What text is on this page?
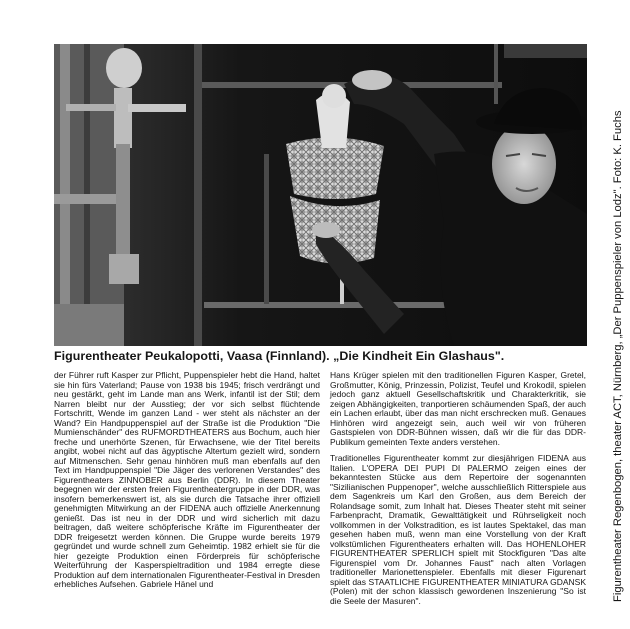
Figurentheater Peukalopotti, Vaasa (Finnland). „Die Kindheit Ein Glashaus".

der Führer ruft Kasper zur Pflicht, Puppenspieler hebt die Hand, haltet sie hin fürs Vaterland; Pause von 1938 bis 1945; frisch verdrängt und neu gestärkt, geht im Lande man ans Werk, infantil ist der Stil; dem Narren bleibt nur der Ausstieg; der vor sich selbst flüchtende Fortschritt, Wende im ganzen Land - wer steht als nächster an der Wand? Ein Handpuppenspiel auf der Straße ist die Produktion "Die Mumienschänder" des RUFMORDTHEATERS aus Bochum, auch hier freche und unerhörte Szenen, für Erwachsene, wie der Titel bereits angibt, wobei nicht auf das ägyptische Altertum gezielt wird, sondern auf Mitmenschen. Sehr genau hinhören muß man ebenfalls auf den Text im Handpuppenspiel "Die Jäger des verlorenen Verstandes" des Figurentheaters ZINNOBER aus Berlin (DDR). In diesem Theater begegnen wir der ersten freien Figurentheatergruppe in der DDR, was insofern bemerkenswert ist, als sie durch die Tatsache ihrer offiziell genehmigten Mitwirkung an der FIDENA auch offizielle Anerkennung genießt. Das ist neu in der DDR und wird sicherlich mit dazu beitragen, daß weitere schöpferische Kräfte im Figurentheater der DDR freigesetzt werden können. Die Gruppe wurde bereits 1979 gegründet und wurde schnell zum Geheimtip. 1982 erhielt sie für die hier gezeigte Produktion einen Förderpreis für schöpferische Weiterführung der Kasperspieltradition und 1984 erregte diese Produktion auf dem internationalen Figurentheater-Festival in Dresden erhebliches Aufsehen. Gabriele Hänel und

Hans Krüger spielen mit den traditionellen Figuren Kasper, Gretel, Großmutter, König, Prinzessin, Polizist, Teufel und Krokodil, spielen jedoch ganz aktuell Gesellschaftskritik und Charakterkritik, sie zeigen Abhängigkeiten, tranportieren schäumenden Spaß, der auch ein Lachen erlaubt, über das man nicht erschrecken muß. Genaues Hinhören wird angezeigt sein, auch weil wir von früheren Gastspielen von DDR-Bühnen wissen, daß wir die für das DDR-Publikum gemeinten Texte anders verstehen.

Traditionelles Figurentheater kommt zur diesjährigen FIDENA aus Italien. L'OPERA DEI PUPI DI PALERMO zeigen eines der bekanntesten Stücke aus dem Repertoire der sogenannten "Sizilianischen Puppenoper", welche ausschließlich Ritterspiele aus dem Sagenkreis um Karl den Großen, aus dem Bereich der Rolandsage somit, zum Inhalt hat. Dieses Theater steht mit seiner Farbenpracht, Dramatik, Gewalttätigkeit und Rührseligkeit noch vollkommen in der Volkstradition, es ist lautes Spektakel, das man gesehen haben muß, wenn man eine Vorstellung von der Kraft volkstümlichen Figurentheaters erhalten will. Das HOHENLOHER FIGURENTHEATER SPERLICH spielt mit Stockfiguren "Das alte Figurenspiel vom Dr. Johannes Faust" nach alten Vorlagen traditioneller Marionettenspieler. Ebenfalls mit dieser Figurenart spielt das STAATLICHE FIGURENTHEATER MINIATURA GDANSK (Polen) mit der schon klassisch gewordenen Inszenierung "So ist die Seele der Masuren".	Figurentheater Regenbogen, theater ACT, Nürnberg, „Der Puppenspieler von Lodz". Foto: K. Fuchs
